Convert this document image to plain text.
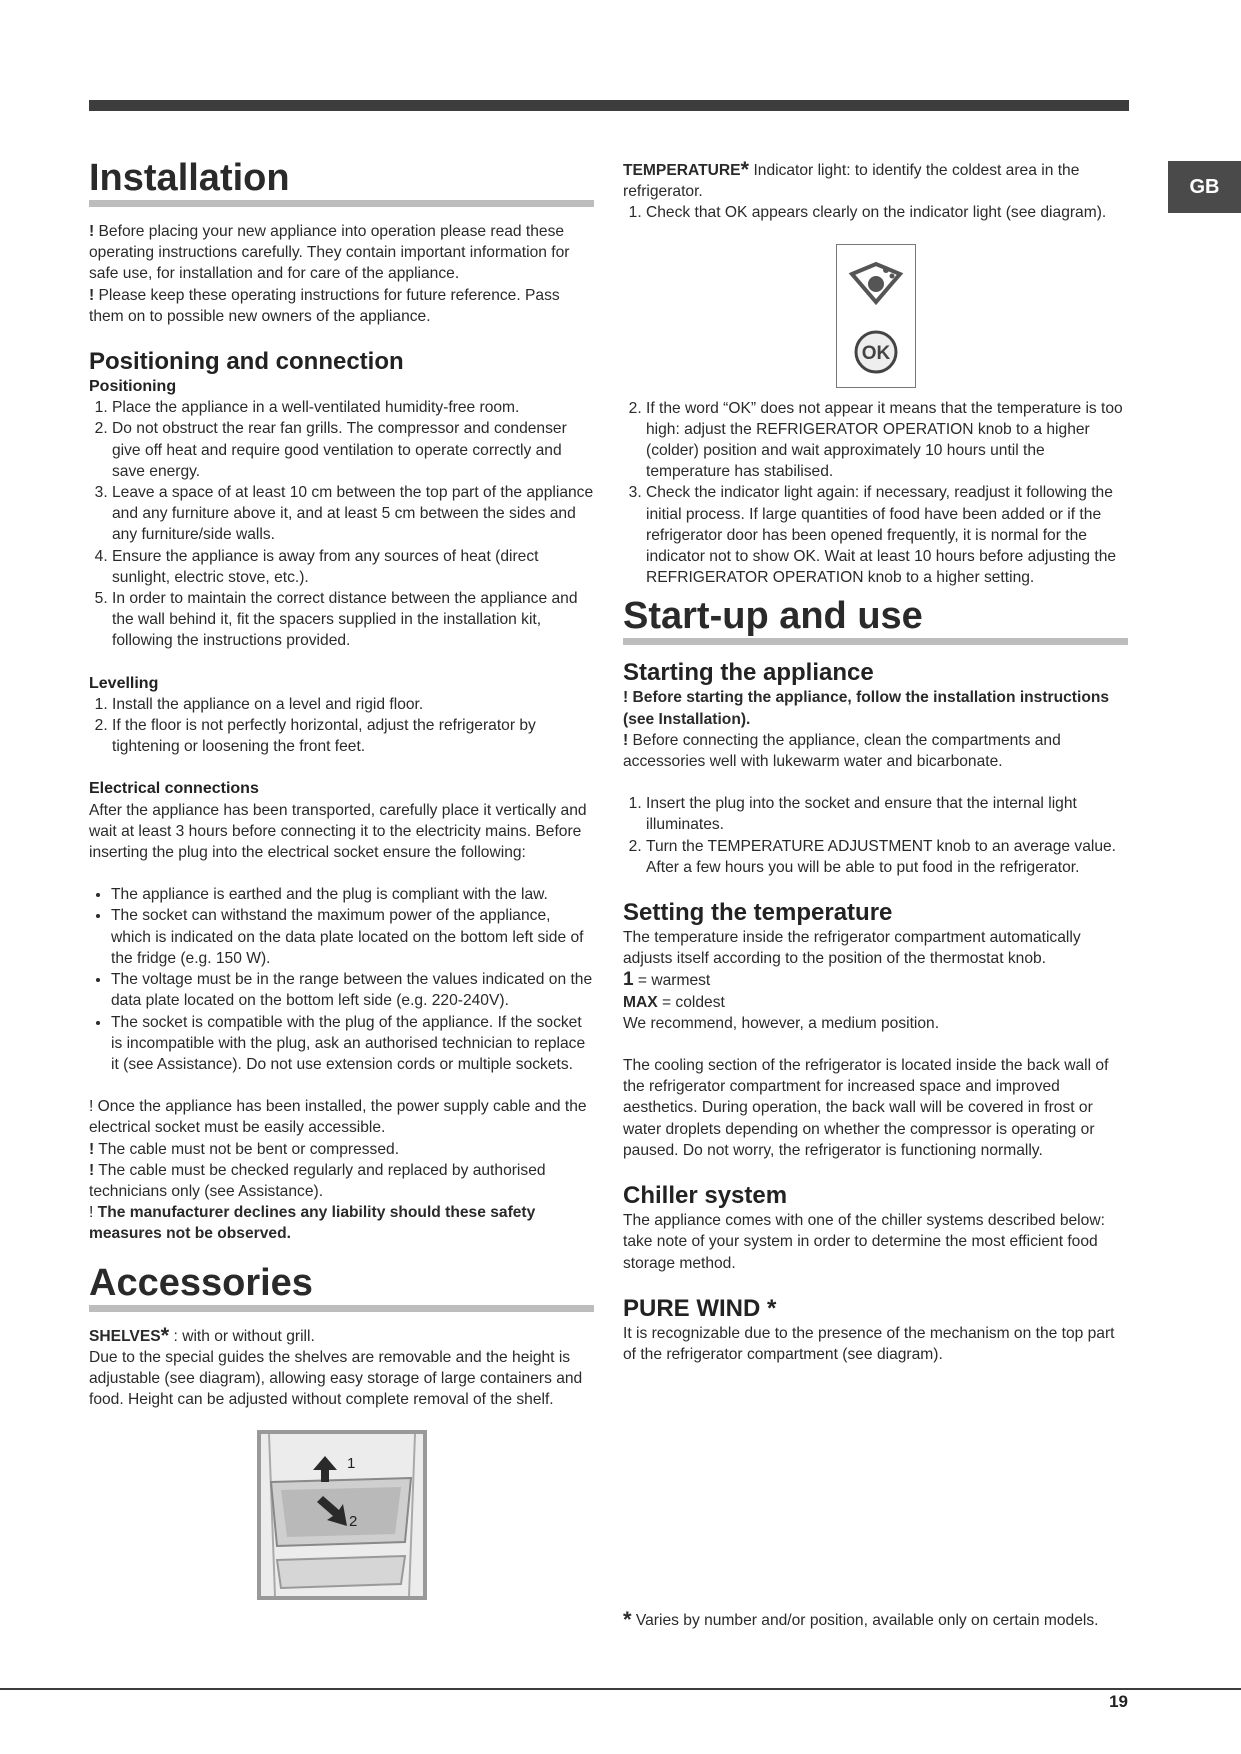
GB
Installation

! Before placing your new appliance into operation please read these operating instructions carefully. They contain important information for safe use, for installation and for care of the appliance.

! Please keep these operating instructions for future reference. Pass them on to possible new owners of the appliance.

Positioning and connection
Positioning
1. Place the appliance in a well-ventilated humidity-free room.
2. Do not obstruct the rear fan grills. The compressor and condenser give off heat and require good ventilation to operate correctly and save energy.
3. Leave a space of at least 10 cm between the top part of the appliance and any furniture above it, and at least 5 cm between the sides and any furniture/side walls.
4. Ensure the appliance is away from any sources of heat (direct sunlight, electric stove, etc.).
5. In order to maintain the correct distance between the appliance and the wall behind it, fit the spacers supplied in the installation kit, following the instructions provided.
Levelling
1. Install the appliance on a level and rigid floor.
2. If the floor is not perfectly horizontal, adjust the refrigerator by tightening or loosening the front feet.
Electrical connections

After the appliance has been transported, carefully place it vertically and wait at least 3 hours before connecting it to the electricity mains. Before inserting the plug into the electrical socket ensure the following:

• The appliance is earthed and the plug is compliant with the law.
• The socket can withstand the maximum power of the appliance, which is indicated on the data plate located on the bottom left side of the fridge (e.g. 150 W).
• The voltage must be in the range between the values indicated on the data plate located on the bottom left side (e.g. 220-240V).
• The socket is compatible with the plug of the appliance. If the socket is incompatible with the plug, ask an authorised technician to replace it (see Assistance). Do not use extension cords or multiple sockets.

! Once the appliance has been installed, the power supply cable and the electrical socket must be easily accessible.

! The cable must not be bent or compressed.

! The cable must be checked regularly and replaced by authorised technicians only (see Assistance).

! The manufacturer declines any liability should these safety measures not be observed.

Accessories

SHELVES* : with or without grill.

Due to the special guides the shelves are removable and the height is adjustable (see diagram), allowing easy storage of large containers and food. Height can be adjusted without complete removal of the shelf.

1
2

TEMPERATURE* Indicator light: to identify the coldest area in the refrigerator.

1. Check that OK appears clearly on the indicator light (see diagram).
OK
2. If the word “OK” does not appear it means that the temperature is too high: adjust the REFRIGERATOR OPERATION knob to a higher (colder) position and wait approximately 10 hours until the temperature has stabilised.
3. Check the indicator light again: if necessary, readjust it following the initial process. If large quantities of food have been added or if the refrigerator door has been opened frequently, it is normal for the indicator not to show OK. Wait at least 10 hours before adjusting the REFRIGERATOR OPERATION knob to a higher setting.
Start-up and use
Starting the appliance

! Before starting the appliance, follow the installation instructions (see Installation).

! Before connecting the appliance, clean the compartments and accessories well with lukewarm water and bicarbonate.

1. Insert the plug into the socket and ensure that the internal light illuminates.
2. Turn the TEMPERATURE ADJUSTMENT knob to an average value. After a few hours you will be able to put food in the refrigerator.
Setting the temperature

The temperature inside the refrigerator compartment automatically adjusts itself according to the position of the thermostat knob.

1 = warmest

MAX = coldest

We recommend, however, a medium position.

The cooling section of the refrigerator is located inside the back wall of the refrigerator compartment for increased space and improved aesthetics. During operation, the back wall will be covered in frost or water droplets depending on whether the compressor is operating or paused. Do not worry, the refrigerator is functioning normally.

Chiller system

The appliance comes with one of the chiller systems described below: take note of your system in order to determine the most efficient food storage method.

PURE WIND *

It is recognizable due to the presence of the mechanism on the top part of the refrigerator compartment (see diagram).

* Varies by number and/or position, available only on certain models.
19
